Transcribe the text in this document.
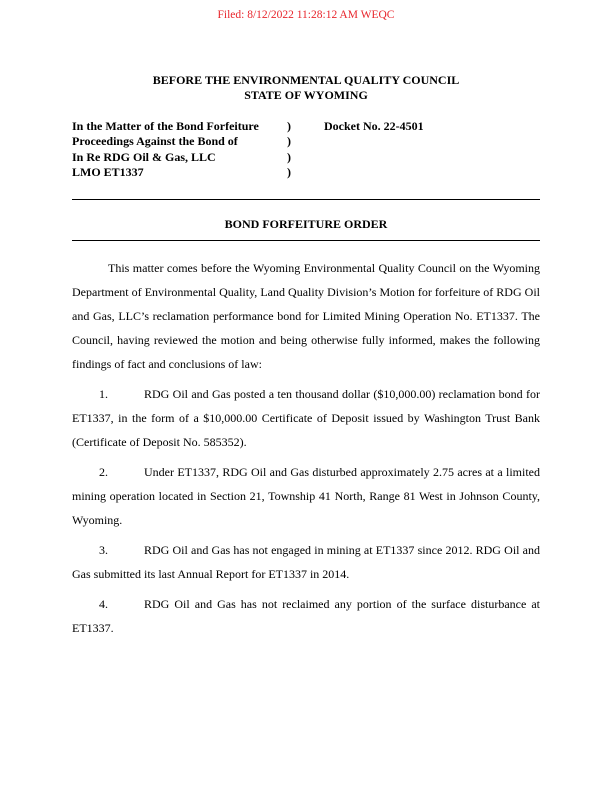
Filed: 8/12/2022 11:28:12 AM WEQC
BEFORE THE ENVIRONMENTAL QUALITY COUNCIL
STATE OF WYOMING
In the Matter of the Bond Forfeiture )	Docket No. 22-4501
Proceedings Against the Bond of	)
In Re RDG Oil & Gas, LLC	)
LMO ET1337	)
BOND FORFEITURE ORDER

This matter comes before the Wyoming Environmental Quality Council on the Wyoming Department of Environmental Quality, Land Quality Division’s Motion for forfeiture of RDG Oil and Gas, LLC’s reclamation performance bond for Limited Mining Operation No. ET1337. The Council, having reviewed the motion and being otherwise fully informed, makes the following findings of fact and conclusions of law:

1.	RDG Oil and Gas posted a ten thousand dollar ($10,000.00) reclamation bond for ET1337, in the form of a $10,000.00 Certificate of Deposit issued by Washington Trust Bank (Certificate of Deposit No. 585352).

2.	Under ET1337, RDG Oil and Gas disturbed approximately 2.75 acres at a limited mining operation located in Section 21, Township 41 North, Range 81 West in Johnson County, Wyoming.

3.	RDG Oil and Gas has not engaged in mining at ET1337 since 2012. RDG Oil and Gas submitted its last Annual Report for ET1337 in 2014.

4.	RDG Oil and Gas has not reclaimed any portion of the surface disturbance at ET1337.
